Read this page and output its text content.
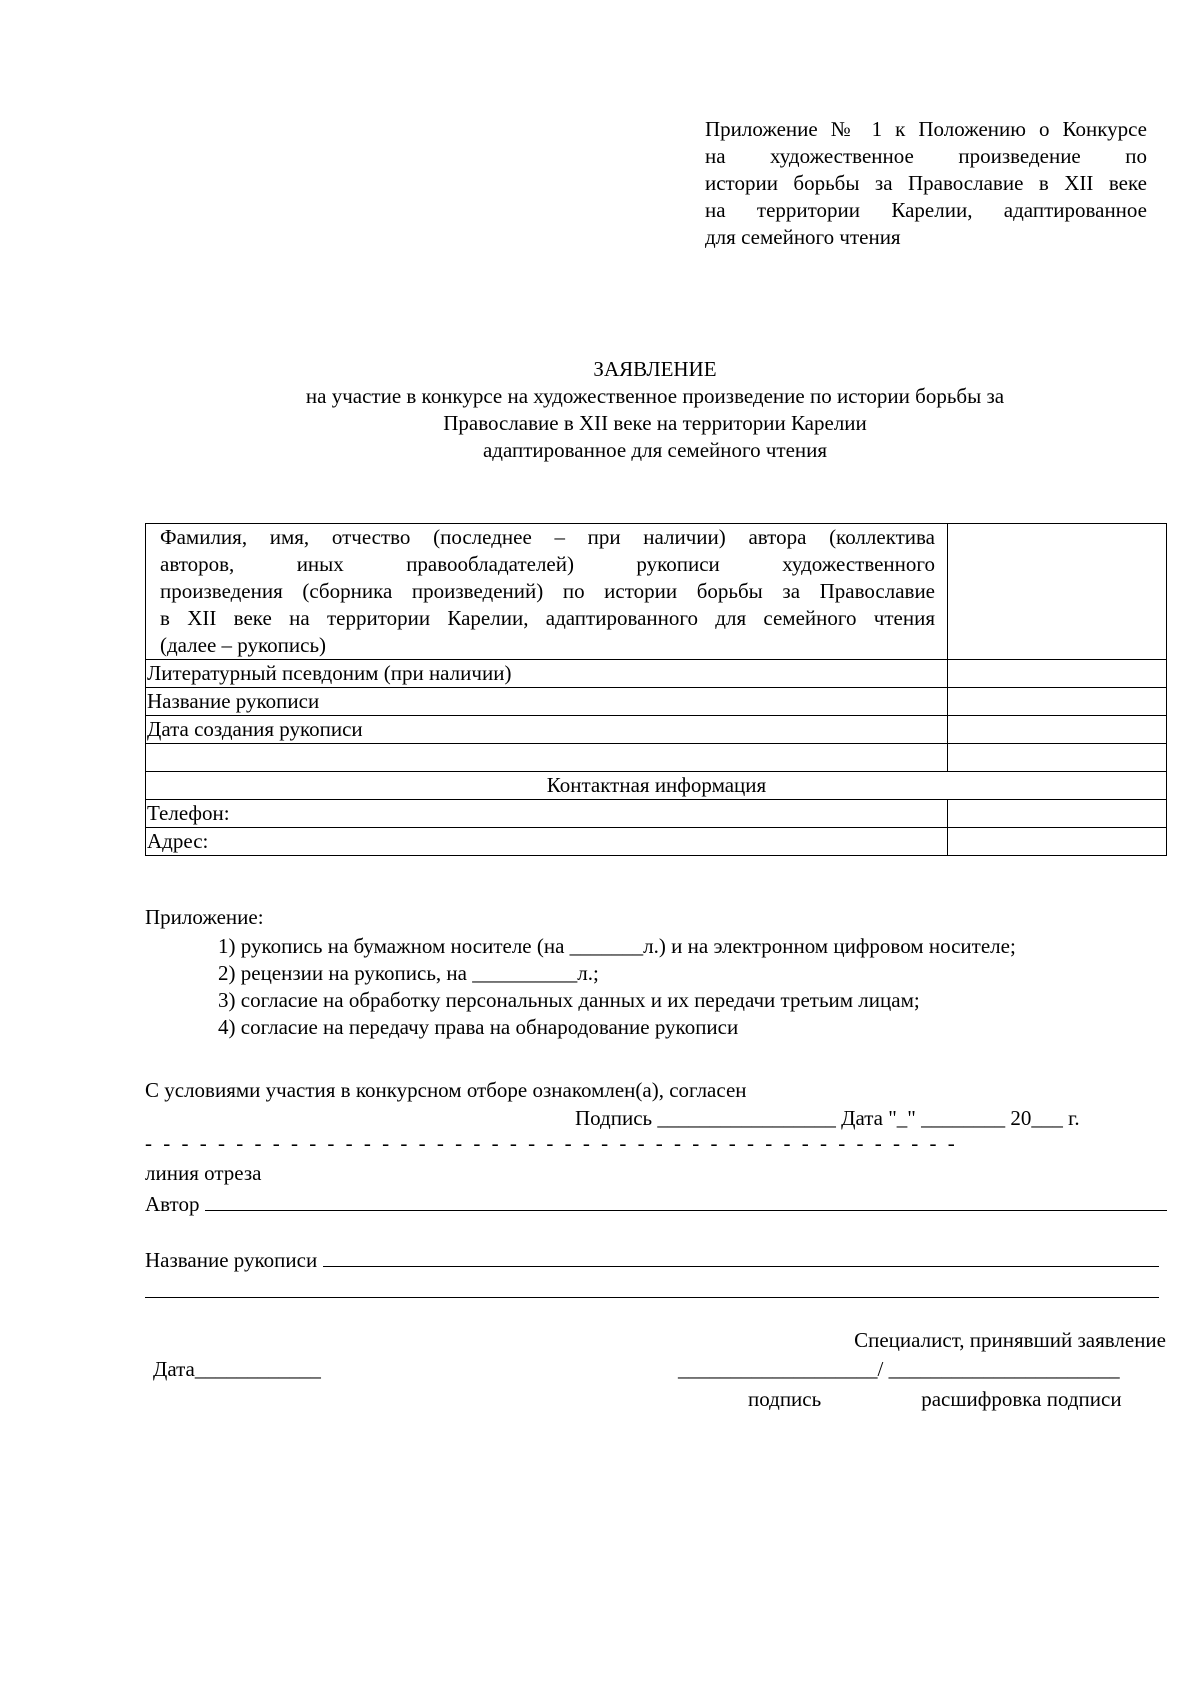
Приложение № 1 к Положению о Конкурсе
на художественное произведение по
истории борьбы за Православие в XII веке
на территории Карелии, адаптированное
для семейного чтения
ЗАЯВЛЕНИЕ
на участие в конкурсе на художественное произведение по истории борьбы за
Православие в XII веке на территории Карелии
адаптированное для семейного чтения
Фамилия, имя, отчество (последнее – при наличии) автора (коллектива
авторов, иных правообладателей) рукописи художественного
произведения (сборника произведений) по истории борьбы за Православие
в XII веке на территории Карелии, адаптированного для семейного чтения
(далее – рукопись)	

Литературный псевдоним (при наличии)	
Название рукописи	
Дата создания рукописи	

Контактная информация	
Телефон:	
Адрес:	
Приложение:
1) рукопись на бумажном носителе (на _______л.) и на электронном цифровом носителе;
2) рецензии на рукопись, на __________л.;
3) согласие на обработку персональных данных и их передачи третьим лицам;
4) согласие на передачу права на обнародование рукописи
С условиями участия в конкурсном отборе ознакомлен(а), согласен
Подпись _________________ Дата "_" ________ 20___ г.
- - - - - - - - - - - - - - - - - - - - - - - - - - - - - - - - - - - - - - - - - - - - -
линия отреза
Автор
Название рукописи
Специалист, принявший заявление
Дата____________	___________________/ ______________________
подпись	расшифровка подписи
